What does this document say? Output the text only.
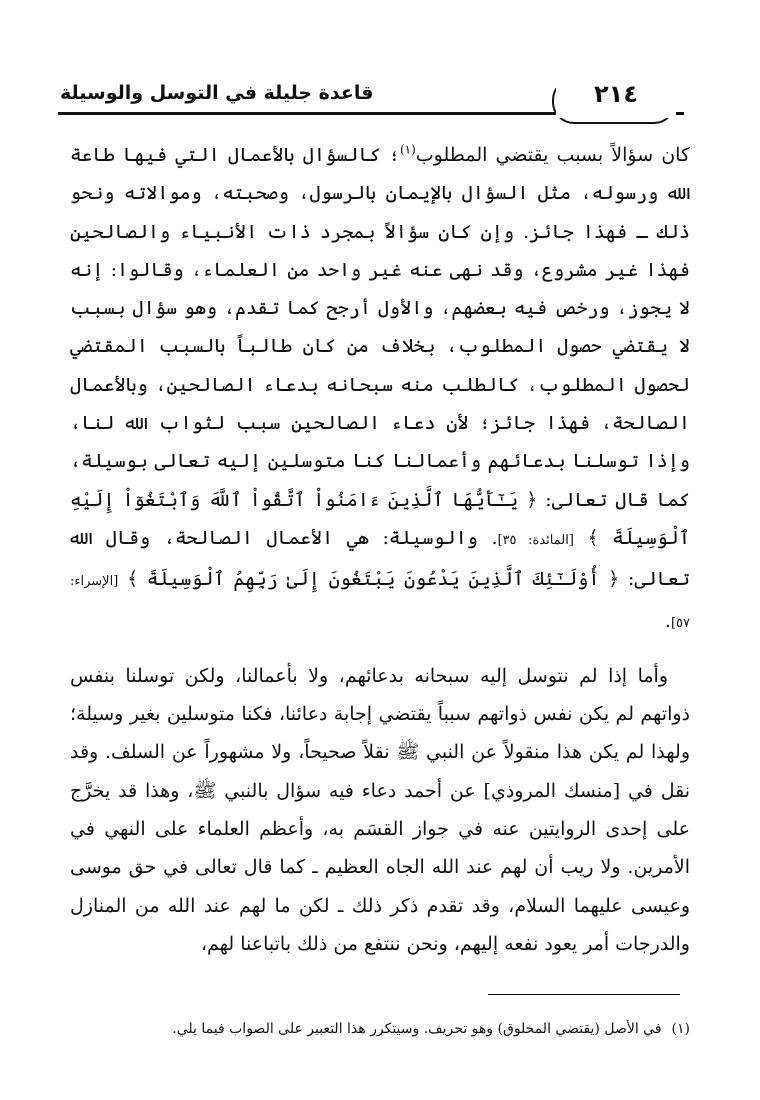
٢١٤
قاعدة جليلة في التوسل والوسيلة

كان سؤالاً بسبب يقتضي المطلوب$^{(١)}$؛ كالسؤال بالأعمال التي فيها طاعة الله ورسوله، مثل السؤال بالإيمان بالرسول، وصحبته، وموالاته ونحو ذلك ـ فهذا جائز. وإن كان سؤالاً بمجرد ذات الأنبياء والصالحين فهذا غير مشروع، وقد نهى عنه غير واحد من العلماء، وقالوا: إنه لا يجوز، ورخص فيه بعضهم، والأول أرجح كما تقدم، وهو سؤال بسبب لا يقتضي حصول المطلوب، بخلاف من كان طالباً بالسبب المقتضي لحصول المطلوب، كالطلب منه سبحانه بدعاء الصالحين، وبالأعمال الصالحة، فهذا جائز؛ لأن دعاء الصالحين سبب لثواب الله لنا، وإذا توسلنا بدعائهم وأعمالنا كنا متوسلين إليه تعالى بوسيلة، كما قال تعالى: ﴿ يَـٰٓأَيُّهَا ٱلَّذِينَ ءَامَنُواْ ٱتَّقُواْ ٱللَّهَ وَٱبْتَغُوٓاْ إِلَيْهِ ٱلْوَسِيلَةَ ﴾ [المائدة: ٣٥]. والوسيلة: هي الأعمال الصالحة، وقال الله تعالى: ﴿ أُوْلَـٰٓئِكَ ٱلَّذِينَ يَدْعُونَ يَبْتَغُونَ إِلَىٰ رَبِّهِمُ ٱلْوَسِيلَةَ ﴾ [الإسراء: ٥٧].

وأما إذا لم نتوسل إليه سبحانه بدعائهم، ولا بأعمالنا، ولكن توسلنا بنفس ذواتهم لم يكن نفس ذواتهم سبباً يقتضي إجابة دعائنا، فكنا متوسلين بغير وسيلة؛ ولهذا لم يكن هذا منقولاً عن النبي ﷺ نقلاً صحيحاً، ولا مشهوراً عن السلف. وقد نقل في [منسك المروذي] عن أحمد دعاء فيه سؤال بالنبي ﷺ، وهذا قد يخرَّج على إحدى الروايتين عنه في جواز القسَم به، وأعظم العلماء على النهي في الأمرين. ولا ريب أن لهم عند الله الجاه العظيم ـ كما قال تعالى في حق موسى وعيسى عليهما السلام، وقد تقدم ذكر ذلك ـ لكن ما لهم عند الله من المنازل والدرجات أمر يعود نفعه إليهم، ونحن ننتفع من ذلك باتباعنا لهم،

(١)في الأصل (يقتضي المخلوق) وهو تحريف. وسيتكرر هذا التعبير على الصواب فيما يلي.
